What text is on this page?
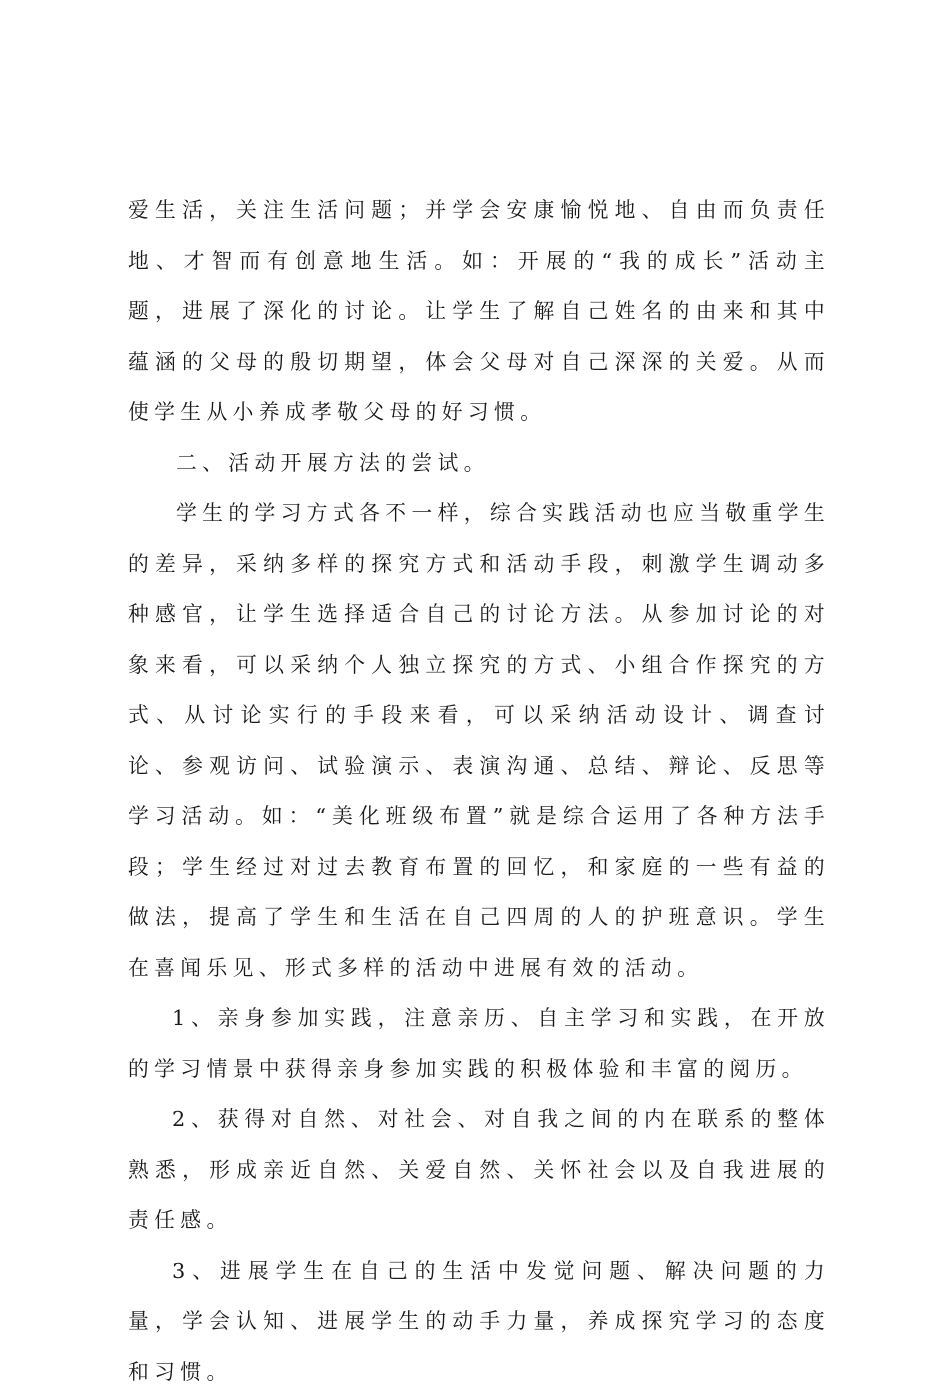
爱生活，关注生活问题；并学会安康愉悦地、自由而负责任地、才智而有创意地生活。如：开展的“我的成长”活动主题，进展了深化的讨论。让学生了解自己姓名的由来和其中蕴涵的父母的殷切期望，体会父母对自己深深的关爱。从而使学生从小养成孝敬父母的好习惯。

二、活动开展方法的尝试。

学生的学习方式各不一样，综合实践活动也应当敬重学生的差异，采纳多样的探究方式和活动手段，刺激学生调动多种感官，让学生选择适合自己的讨论方法。从参加讨论的对象来看，可以采纳个人独立探究的方式、小组合作探究的方式、从讨论实行的手段来看，可以采纳活动设计、调查讨论、参观访问、试验演示、表演沟通、总结、辩论、反思等学习活动。如：“美化班级布置”就是综合运用了各种方法手段；学生经过对过去教育布置的回忆，和家庭的一些有益的做法，提高了学生和生活在自己四周的人的护班意识。学生在喜闻乐见、形式多样的活动中进展有效的活动。

1、亲身参加实践，注意亲历、自主学习和实践，在开放的学习情景中获得亲身参加实践的积极体验和丰富的阅历。

2、获得对自然、对社会、对自我之间的内在联系的整体熟悉，形成亲近自然、关爱自然、关怀社会以及自我进展的责任感。

3、进展学生在自己的生活中发觉问题、解决问题的力量，学会认知、进展学生的动手力量，养成探究学习的态度和习惯。
